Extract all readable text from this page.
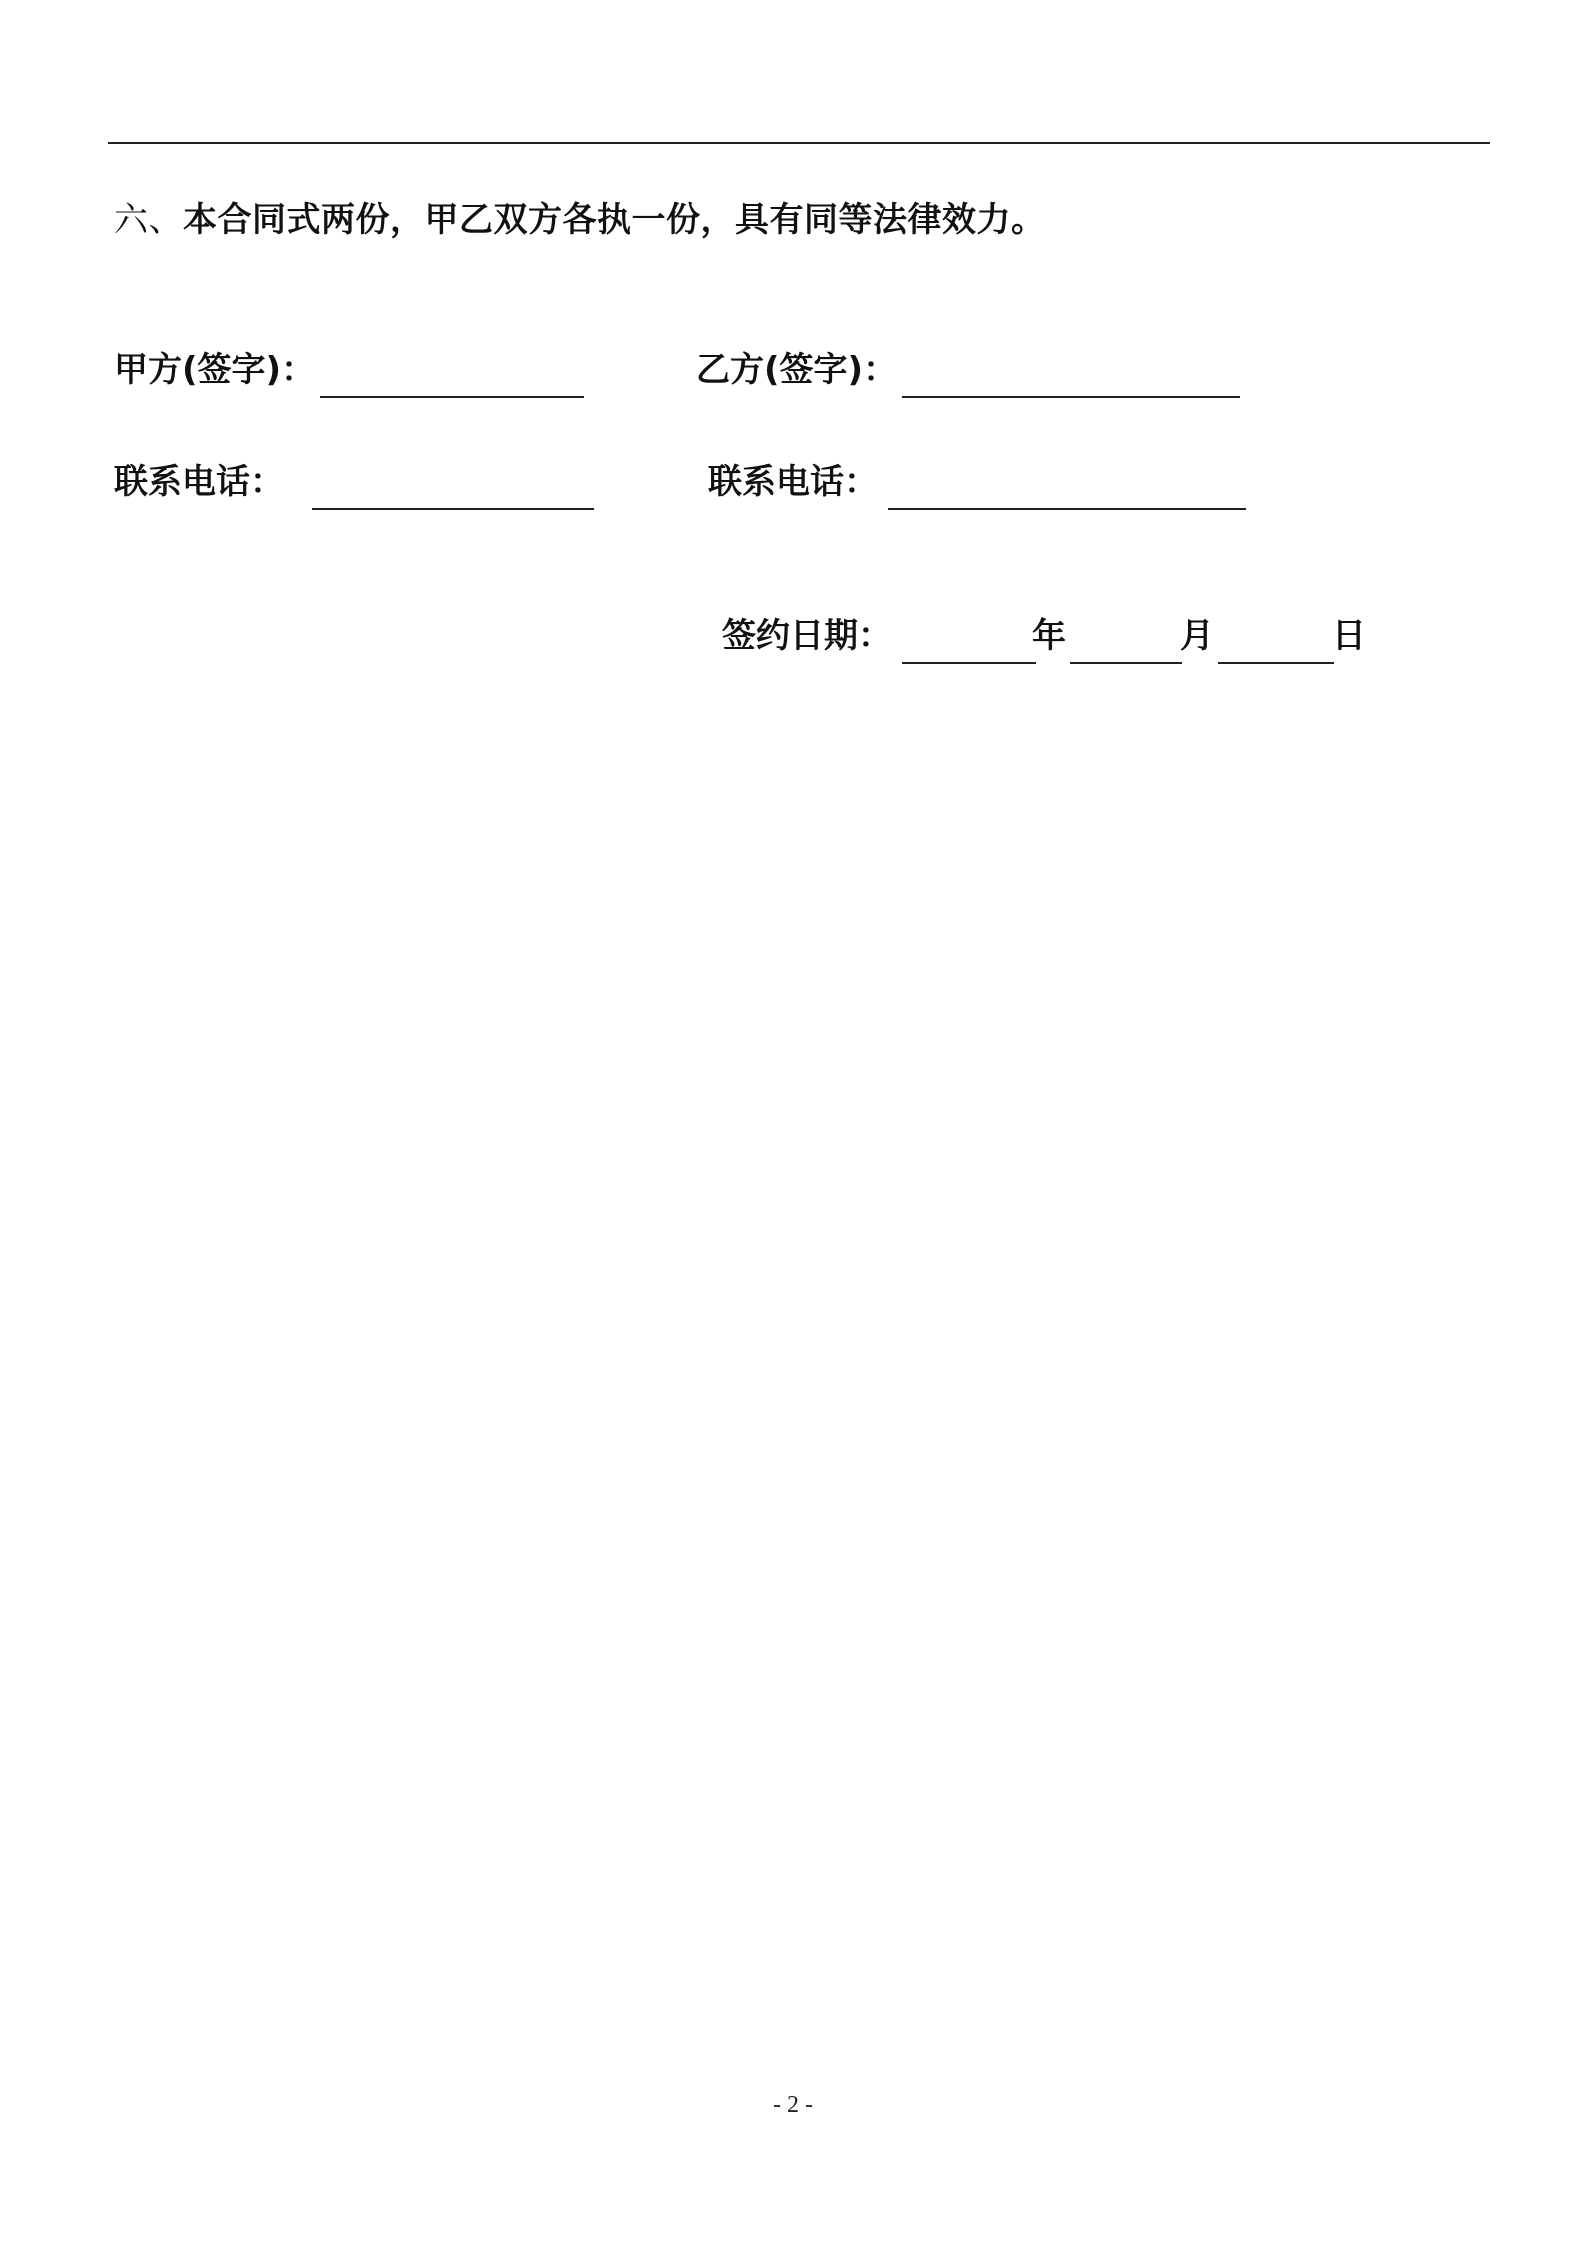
六、本合同式两份，甲乙双方各执一份，具有同等法律效力。
甲方(签字)：	乙方(签字)：
联系电话：	联系电话：
签约日期：	年	月	日
- 2 -
